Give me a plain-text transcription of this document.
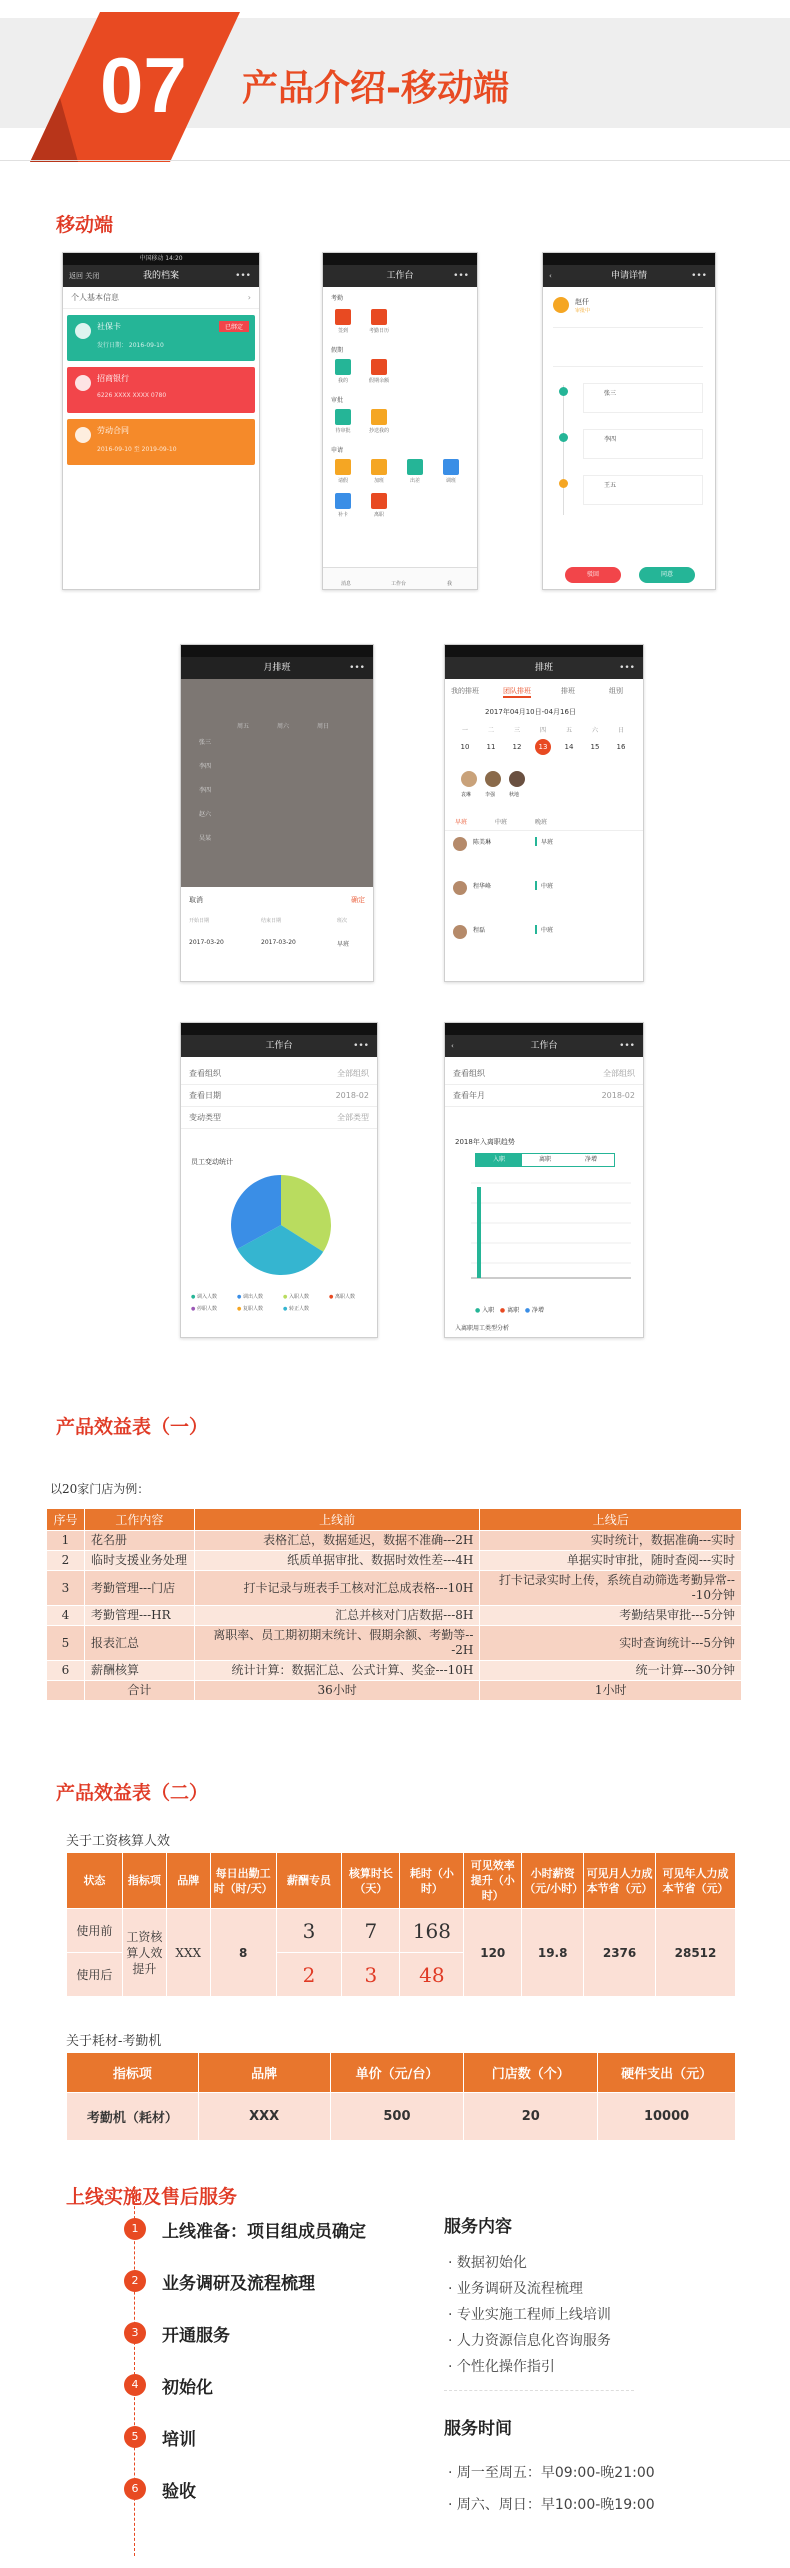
07 产品介绍-移动端
移动端
中国移动 14:20
返回 关闭	我的档案	•••
个人基本信息	›
社保卡
发行日期： 2016-09-10
已绑定
招商银行
6226 XXXX XXXX 0780
劳动合同
2016-09-10 至 2019-09-10
工作台	•••
考勤
签到	考勤日历
假期
我的	假期余额
审批
待审批	抄送我的
申请
请假	加班	出差	调班
补卡	离职
消息	工作台	我
‹	申请详情	•••
赵仟
审批中
张三
李四
王五
驳回	同意
月排班	•••
周五	周六	周日
张三
李四
李四
赵六
吴某
取消	确定
开始日期	结束日期	班次
2017-03-20	2017-03-20	早班
排班	•••
我的排班	团队排班	排班	组别
2017年04月10日-04月16日
袁琳	李强	秋地
早班	中班	晚班
一	二	三	四	五	六	日
10	11	12	13	14	15	16
陈美琳	早班
程华峰	中班
程磊	中班
工作台	•••
查看组织	全部组织
查看日期	2018-02
变动类型	全部类型
员工变动统计
● 调入人数	● 调出人数	● 入职人数	● 离职人数
● 停职人数	● 复职人数	● 转正人数
‹	工作台	•••
查看组织	全部组织
查看年月	2018-02
2018年入离职趋势
入职	离职	净增
● 入职 ● 离职 ● 净增
入离职用工类型分析
产品效益表（一）
以20家门店为例：
序号	工作内容	上线前	上线后
1	花名册	表格汇总，数据延迟，数据不准确---2H	实时统计，数据准确---实时
2	临时支援业务处理	纸质单据审批、数据时效性差---4H	单据实时审批，随时查阅---实时
3	考勤管理---门店	打卡记录与班表手工核对汇总成表格---10H	打卡记录实时上传，系统自动筛选考勤异常---10分钟
4	考勤管理---HR	汇总并核对门店数据---8H	考勤结果审批---5分钟
5	报表汇总	离职率、员工期初期末统计、假期余额、考勤等---2H	实时查询统计---5分钟
6	薪酬核算	统计计算：数据汇总、公式计算、奖金---10H	统一计算---30分钟
	合计	36小时	1小时
产品效益表（二）
关于工资核算人效
状态	指标项	品牌	每日出勤工时（时/天）	薪酬专员	核算时长（天）	耗时（小时）	可见效率提升（小时）	小时薪资（元/小时）	可见月人力成本节省（元）	可见年人力成本节省（元）
使用前	工资核算人效提升	XXX	8	3	7	168	120	19.8	2376	28512
使用后				2	3	48				
关于耗材-考勤机
指标项	品牌	单价（元/台）	门店数（个）	硬件支出（元）
考勤机（耗材）	XXX	500	20	10000
上线实施及售后服务
1	上线准备：项目组成员确定
2	业务调研及流程梳理
3	开通服务
4	初始化
5	培训
6	验收
服务内容
· 数据初始化
· 业务调研及流程梳理
· 专业实施工程师上线培训
· 人力资源信息化咨询服务
· 个性化操作指引
服务时间
· 周一至周五：早09:00-晚21:00
· 周六、周日：早10:00-晚19:00
